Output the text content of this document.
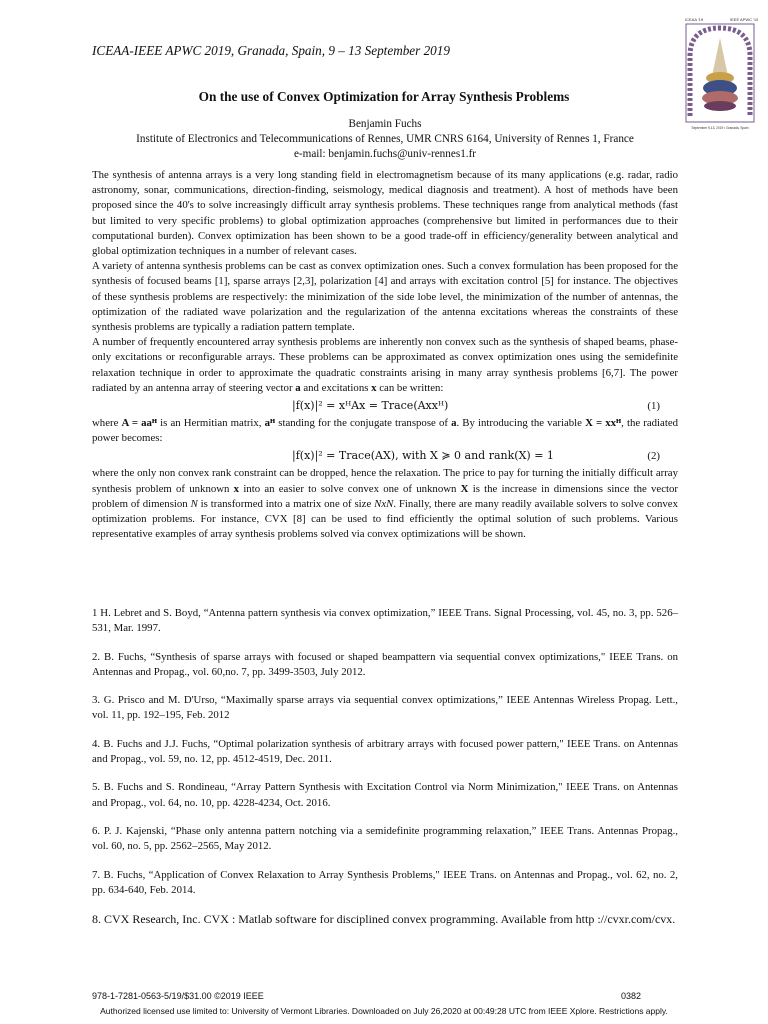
ICEAA-IEEE APWC 2019, Granada, Spain, 9 – 13 September 2019
ICEAA '19	IEEE APWC '19
September 9-13, 2019 • Granada, Spain
On the use of Convex Optimization for Array Synthesis Problems
Benjamin Fuchs
Institute of Electronics and Telecommunications of Rennes, UMR CNRS 6164, University of Rennes 1, France
e-mail: benjamin.fuchs@univ-rennes1.fr

The synthesis of antenna arrays is a very long standing field in electromagnetism because of its many applications (e.g. radar, radio astronomy, sonar, communications, direction-finding, seismology, medical diagnosis and treatment). A host of methods have been proposed since the 40's to solve increasingly difficult array synthesis problems. These techniques range from analytical methods (fast but limited to very specific problems) to global optimization approaches (comprehensive but limited in performances due to their computational burden). Convex optimization has been shown to be a good trade-off in efficiency/generality between analytical and global optimization techniques in a number of relevant cases.

A variety of antenna synthesis problems can be cast as convex optimization ones. Such a convex formulation has been proposed for the synthesis of focused beams [1], sparse arrays [2,3], polarization [4] and arrays with excitation control [5] for instance. The objectives of these synthesis problems are respectively: the minimization of the side lobe level, the minimization of the number of antennas, the optimization of the radiated wave polarization and the regularization of the antenna excitations whereas the constraints of these synthesis problems are typically a radiation pattern template.

A number of frequently encountered array synthesis problems are inherently non convex such as the synthesis of shaped beams, phase-only excitations or reconfigurable arrays. These problems can be approximated as convex optimization ones using the semidefinite relaxation technique in order to approximate the quadratic constraints arising in many array synthesis problems [6,7]. The power radiated by an antenna array of steering vector a and excitations x can be written:

|f(x)|² = xᴴAx = Trace(Axxᴴ)	(1)

where A = aaᴴ is an Hermitian matrix, aᴴ standing for the conjugate transpose of a. By introducing the variable X = xxᴴ, the radiated power becomes:

|f(x)|² = Trace(AX), with X ≽ 0 and rank(X) = 1	(2)

where the only non convex rank constraint can be dropped, hence the relaxation. The price to pay for turning the initially difficult array synthesis problem of unknown x into an easier to solve convex one of unknown X is the increase in dimensions since the vector problem of dimension N is transformed into a matrix one of size NxN. Finally, there are many readily available solvers to solve convex optimization problems. For instance, CVX [8] can be used to find efficiently the optimal solution of such problems. Various representative examples of array synthesis problems solved via convex optimizations will be shown.

1 H. Lebret and S. Boyd, “Antenna pattern synthesis via convex optimization,” IEEE Trans. Signal Processing, vol. 45, no. 3, pp. 526–531, Mar. 1997.

2. B. Fuchs, “Synthesis of sparse arrays with focused or shaped beampattern via sequential convex optimizations," IEEE Trans. on Antennas and Propag., vol. 60,no. 7, pp. 3499-3503, July 2012.

3. G. Prisco and M. D'Urso, “Maximally sparse arrays via sequential convex optimizations,” IEEE Antennas Wireless Propag. Lett., vol. 11, pp. 192–195, Feb. 2012

4. B. Fuchs and J.J. Fuchs, “Optimal polarization synthesis of arbitrary arrays with focused power pattern," IEEE Trans. on Antennas and Propag., vol. 59, no. 12, pp. 4512-4519, Dec. 2011.

5. B. Fuchs and S. Rondineau, “Array Pattern Synthesis with Excitation Control via Norm Minimization," IEEE Trans. on Antennas and Propag., vol. 64, no. 10, pp. 4228-4234, Oct. 2016.

6. P. J. Kajenski, “Phase only antenna pattern notching via a semidefinite programming relaxation,” IEEE Trans. Antennas Propag., vol. 60, no. 5, pp. 2562–2565, May 2012.

7. B. Fuchs, “Application of Convex Relaxation to Array Synthesis Problems," IEEE Trans. on Antennas and Propag., vol. 62, no. 2, pp. 634-640, Feb. 2014.

8. CVX Research, Inc. CVX : Matlab software for disciplined convex programming. Available from http ://cvxr.com/cvx.

978-1-7281-0563-5/19/$31.00 ©2019 IEEE	0382
Authorized licensed use limited to: University of Vermont Libraries. Downloaded on July 26,2020 at 00:49:28 UTC from IEEE Xplore. Restrictions apply.
